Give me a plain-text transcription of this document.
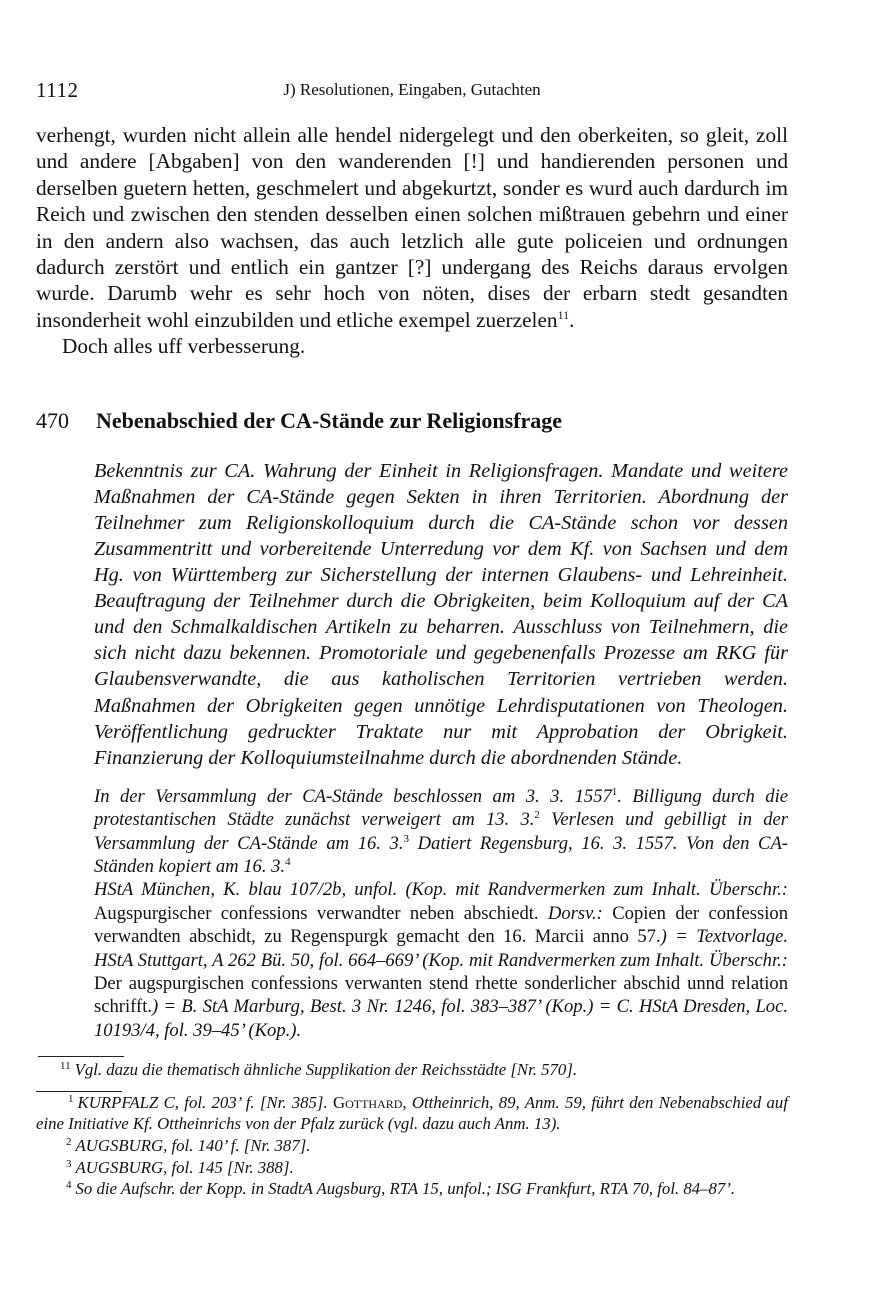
1112	J) Resolutionen, Eingaben, Gutachten

verhengt, wurden nicht allein alle hendel nidergelegt und den oberkeiten, so gleit, zoll und andere [Abgaben] von den wanderenden [!] und handierenden personen und derselben guetern hetten, geschmelert und abgekurtzt, sonder es wurd auch dardurch im Reich und zwischen den stenden desselben einen solchen mißtrauen gebehrn und einer in den andern also wachsen, das auch letzlich alle gute policeien und ordnungen dadurch zerstört und entlich ein gantzer [?] undergang des Reichs daraus ervolgen wurde. Darumb wehr es sehr hoch von nöten, dises der erbarn stedt gesandten insonderheit wohl einzubilden und etliche exempel zuerzelen$^{11}$.

Doch alles uff verbesserung.

470	Nebenabschied der CA-Stände zur Religionsfrage
Bekenntnis zur CA. Wahrung der Einheit in Religionsfragen. Mandate und weitere Maßnahmen der CA-Stände gegen Sekten in ihren Territorien. Abordnung der Teilnehmer zum Religionskolloquium durch die CA-Stände schon vor dessen Zusammentritt und vorbereitende Unterredung vor dem Kf. von Sachsen und dem Hg. von Württemberg zur Sicherstellung der internen Glaubens- und Lehreinheit. Beauftragung der Teilnehmer durch die Obrigkeiten, beim Kolloquium auf der CA und den Schmalkaldischen Artikeln zu beharren. Ausschluss von Teilnehmern, die sich nicht dazu bekennen. Promotoriale und gegebenenfalls Prozesse am RKG für Glaubensverwandte, die aus katholischen Territorien vertrieben werden. Maßnahmen der Obrigkeiten gegen unnötige Lehrdisputationen von Theologen. Veröffentlichung gedruckter Traktate nur mit Approbation der Obrigkeit. Finanzierung der Kolloquiumsteilnahme durch die abordnenden Stände.

In der Versammlung der CA-Stände beschlossen am 3. 3. 1557$^1$. Billigung durch die protestantischen Städte zunächst verweigert am 13. 3.$^2$ Verlesen und gebilligt in der Versammlung der CA-Stände am 16. 3.$^3$ Datiert Regensburg, 16. 3. 1557. Von den CA-Ständen kopiert am 16. 3.$^4$

HStA München, K. blau 107/2b, unfol. (Kop. mit Randvermerken zum Inhalt. Überschr.: Augspurgischer confessions verwandter neben abschiedt. Dorsv.: Copien der confession verwandten abschidt, zu Regenspurgk gemacht den 16. Marcii anno 57.) = Textvorlage. HStA Stuttgart, A 262 Bü. 50, fol. 664–669’ (Kop. mit Randvermerken zum Inhalt. Überschr.: Der augspurgischen confessions verwanten stend rhette sonderlicher abschid unnd relation schrifft.) = B. StA Marburg, Best. 3 Nr. 1246, fol. 383–387’ (Kop.) = C. HStA Dresden, Loc. 10193/4, fol. 39–45’ (Kop.).

$^{11}$ Vgl. dazu die thematisch ähnliche Supplikation der Reichsstädte [Nr. 570].

$^1$ KURPFALZ C, fol. 203’ f. [Nr. 385]. Gotthard, Ottheinrich, 89, Anm. 59, führt den Nebenabschied auf eine Initiative Kf. Ottheinrichs von der Pfalz zurück (vgl. dazu auch Anm. 13).

$^2$ AUGSBURG, fol. 140’ f. [Nr. 387].

$^3$ AUGSBURG, fol. 145 [Nr. 388].

$^4$ So die Aufschr. der Kopp. in StadtA Augsburg, RTA 15, unfol.; ISG Frankfurt, RTA 70, fol. 84–87’.
